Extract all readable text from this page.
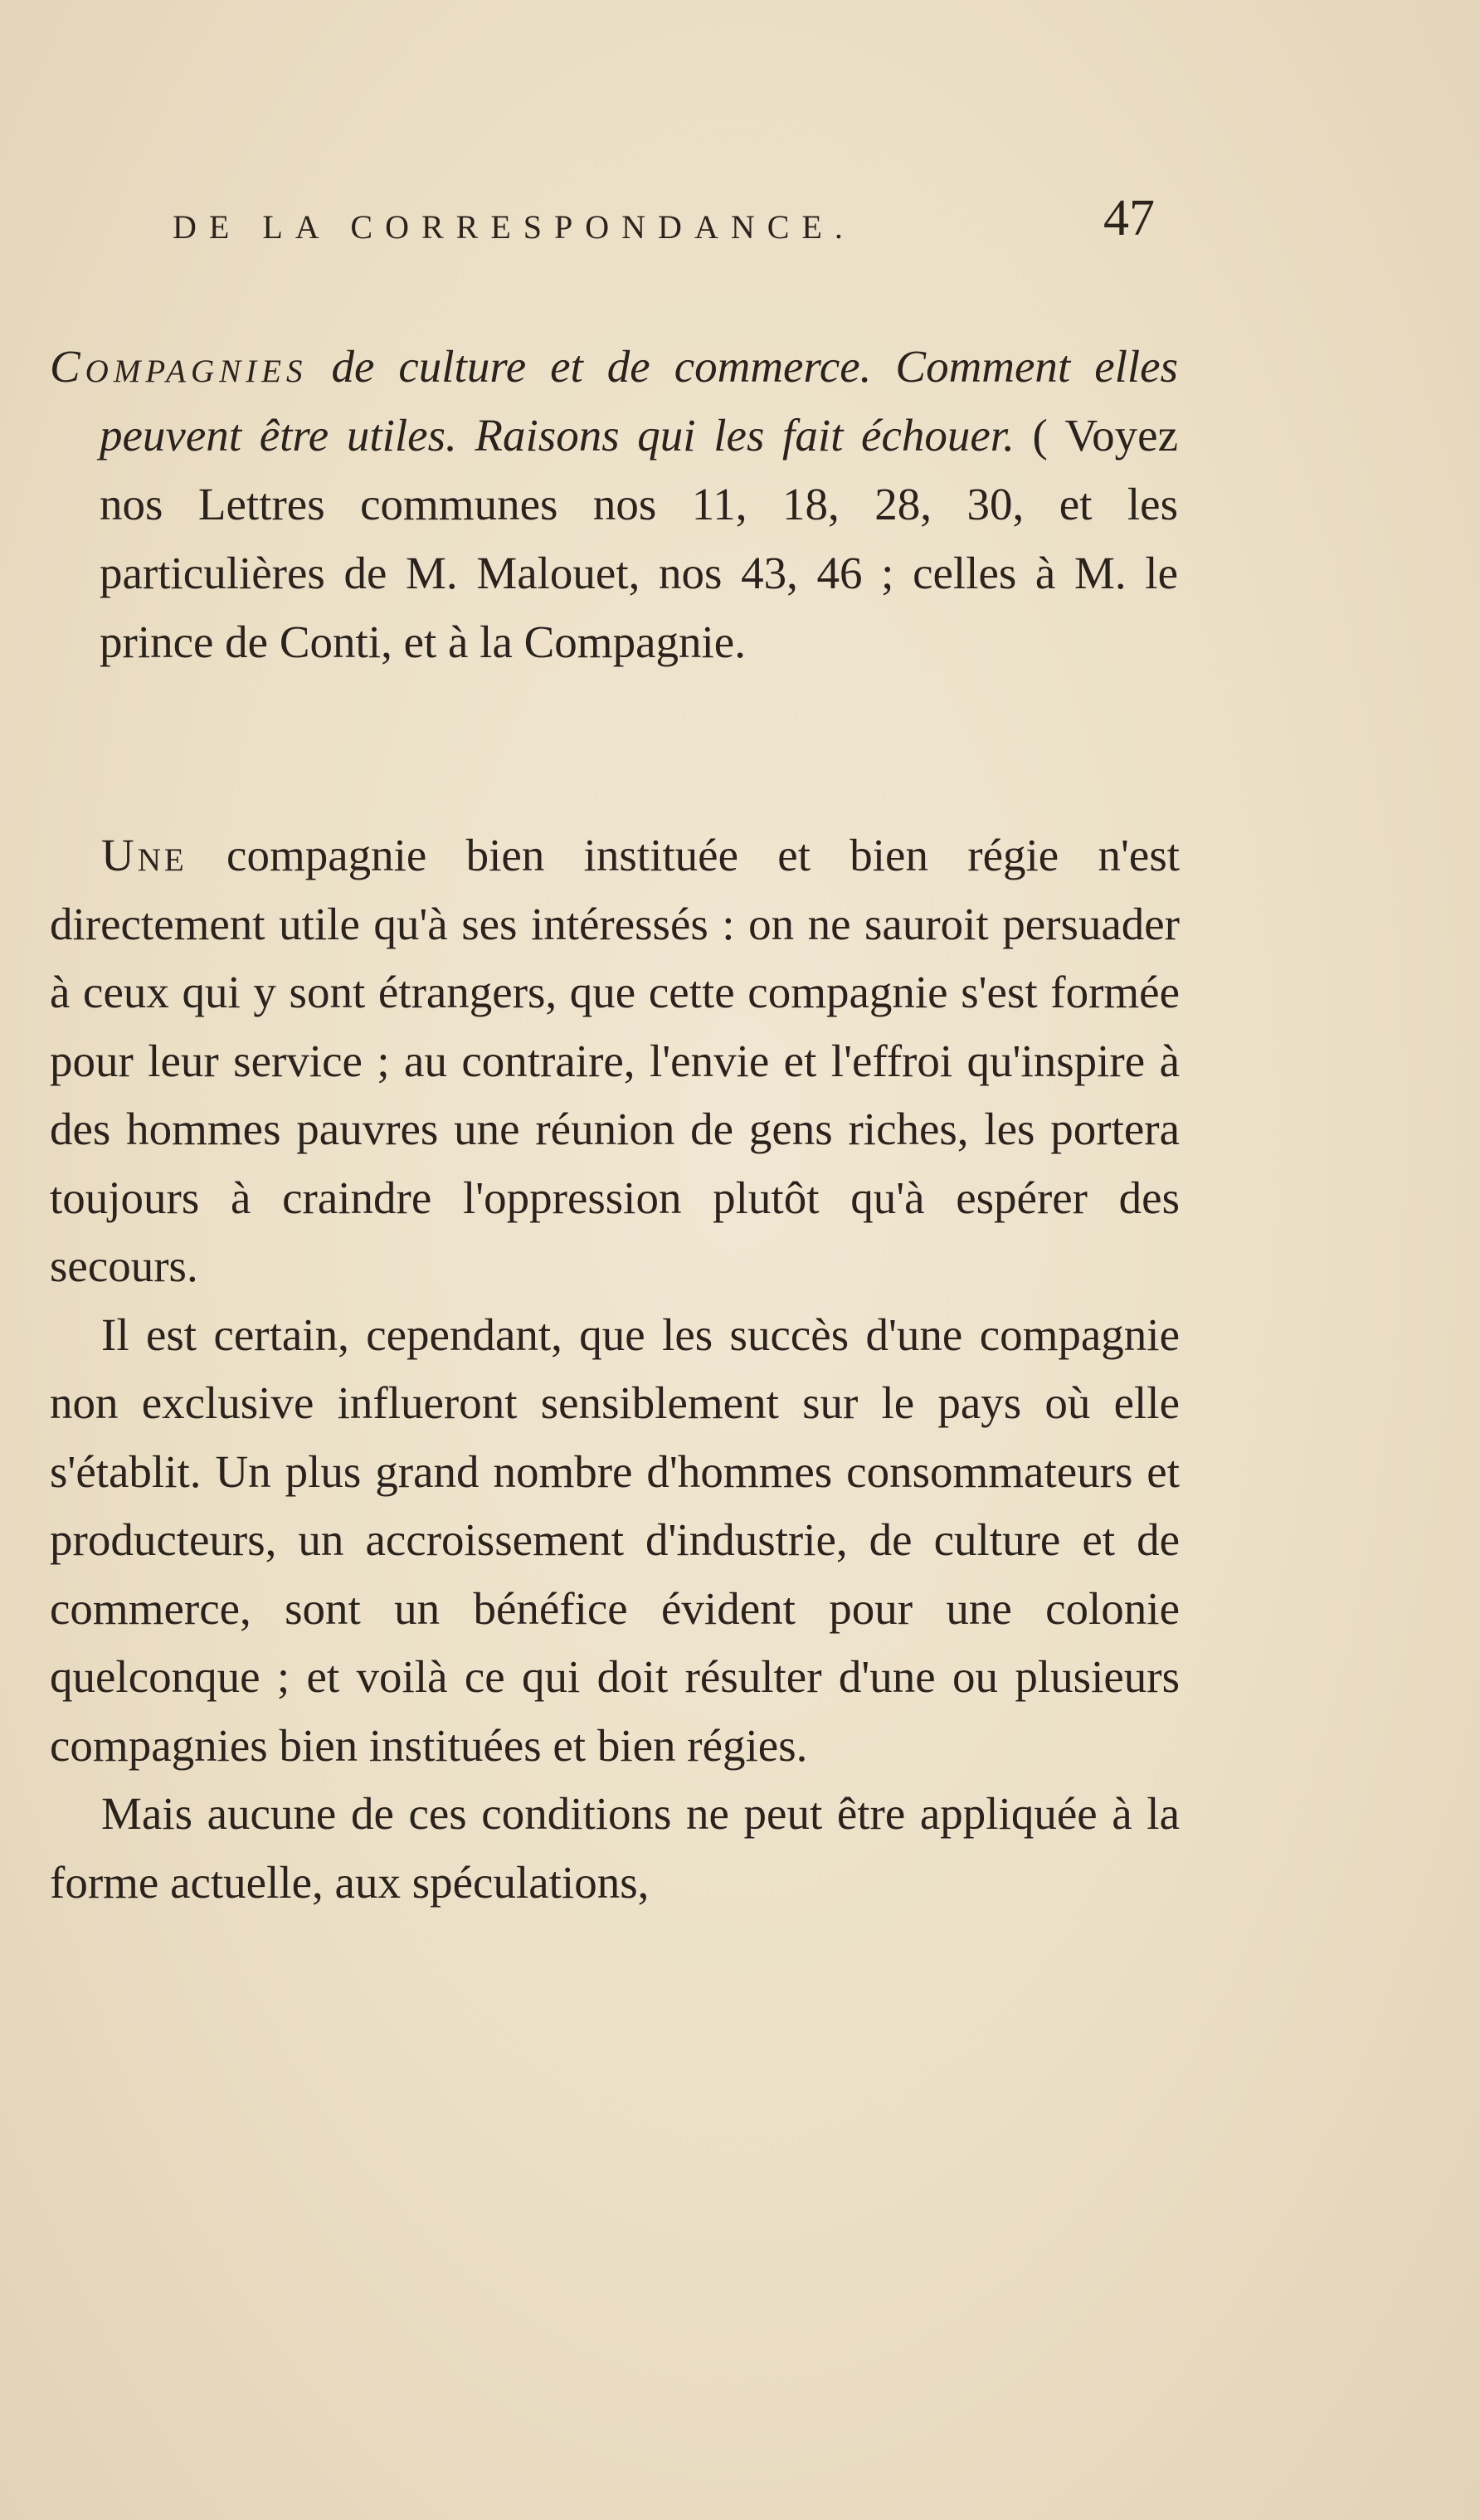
DE LA CORRESPONDANCE.	47
Compagnies de culture et de commerce. Comment elles peuvent être utiles. Raisons qui les fait échouer. ( Voyez nos Lettres communes nos 11, 18, 28, 30, et les particulières de M. Malouet, nos 43, 46 ; celles à M. le prince de Conti, et à la Compagnie.

Une compagnie bien instituée et bien régie n'est directement utile qu'à ses intéressés : on ne sauroit persuader à ceux qui y sont étrangers, que cette compagnie s'est formée pour leur service ; au contraire, l'envie et l'effroi qu'inspire à des hommes pauvres une réunion de gens riches, les portera toujours à craindre l'oppression plutôt qu'à espérer des secours.

Il est certain, cependant, que les succès d'une compagnie non exclusive influeront sensiblement sur le pays où elle s'établit. Un plus grand nombre d'hommes consommateurs et producteurs, un accroissement d'industrie, de culture et de commerce, sont un bénéfice évident pour une colonie quelconque ; et voilà ce qui doit résulter d'une ou plusieurs compagnies bien instituées et bien régies.

Mais aucune de ces conditions ne peut être appliquée à la forme actuelle, aux spéculations,
